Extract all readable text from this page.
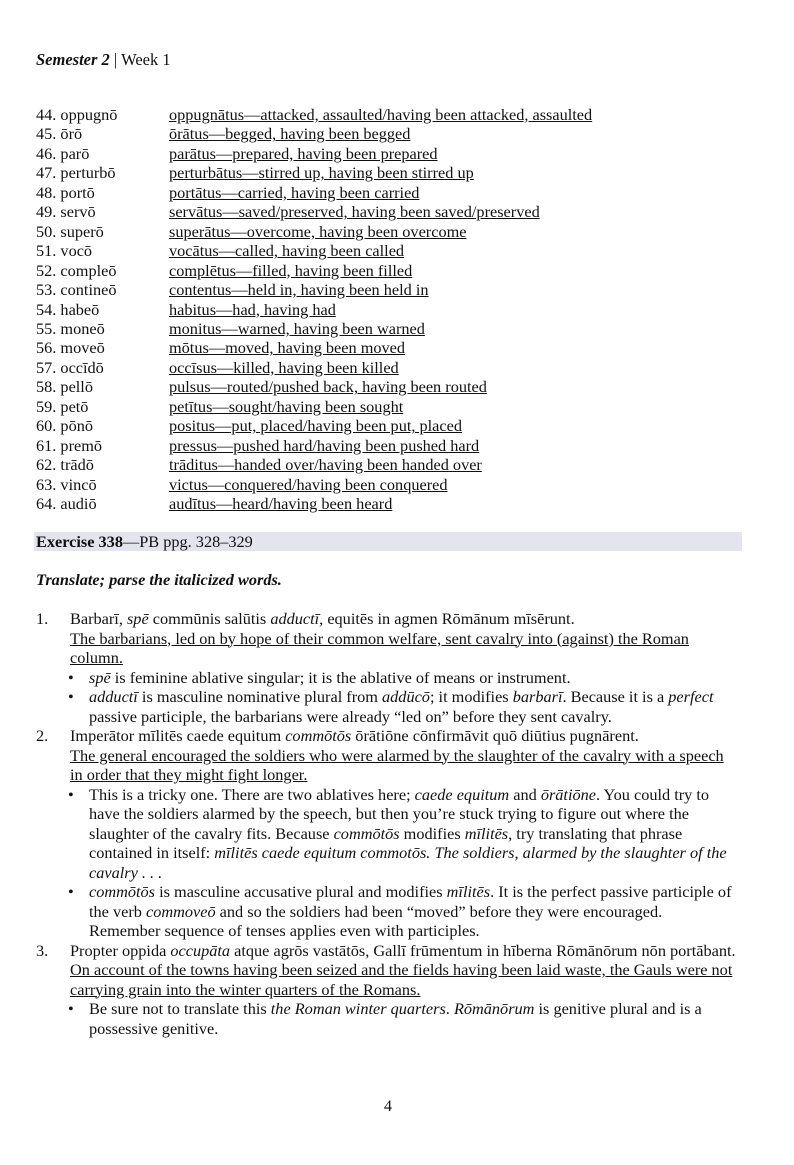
Semester 2 | Week 1
44. oppugnō	oppugnātus—attacked, assaulted/having been attacked, assaulted
45. ōrō	ōrātus—begged, having been begged
46. parō	parātus—prepared, having been prepared
47. perturbō	perturbātus—stirred up, having been stirred up
48. portō	portātus—carried, having been carried
49. servō	servātus—saved/preserved, having been saved/preserved
50. superō	superātus—overcome, having been overcome
51. vocō	vocātus—called, having been called
52. compleō	complētus—filled, having been filled
53. contineō	contentus—held in, having been held in
54. habeō	habitus—had, having had
55. moneō	monitus—warned, having been warned
56. moveō	mōtus—moved, having been moved
57. occīdō	occīsus—killed, having been killed
58. pellō	pulsus—routed/pushed back, having been routed
59. petō	petītus—sought/having been sought
60. pōnō	positus—put, placed/having been put, placed
61. premō	pressus—pushed hard/having been pushed hard
62. trādō	trāditus—handed over/having been handed over
63. vincō	victus—conquered/having been conquered
64. audiō	audītus—heard/having been heard
Exercise 338—PB ppg. 328–329
Translate; parse the italicized words.
1.	Barbarī, spē commūnis salūtis adductī, equitēs in agmen Rōmānum mīsērunt.
The barbarians, led on by hope of their common welfare, sent cavalry into (against) the Roman column.
• spē is feminine ablative singular; it is the ablative of means or instrument.
• adductī is masculine nominative plural from addūcō; it modifies barbarī. Because it is a perfect passive participle, the barbarians were already “led on” before they sent cavalry.
2.	Imperātor mīlitēs caede equitum commōtōs ōrātiōne cōnfirmāvit quō diūtius pugnārent.
The general encouraged the soldiers who were alarmed by the slaughter of the cavalry with a speech in order that they might fight longer.
• This is a tricky one. There are two ablatives here; caede equitum and ōrātiōne. You could try to have the soldiers alarmed by the speech, but then you’re stuck trying to figure out where the slaughter of the cavalry fits. Because commōtōs modifies mīlitēs, try translating that phrase contained in itself: mīlitēs caede equitum commotōs. The soldiers, alarmed by the slaughter of the cavalry . . .
• commōtōs is masculine accusative plural and modifies mīlitēs. It is the perfect passive participle of the verb commoveō and so the soldiers had been “moved” before they were encouraged. Remember sequence of tenses applies even with participles.
3.	Propter oppida occupāta atque agrōs vastātōs, Gallī frūmentum in hīberna Rōmānōrum nōn portābant.
On account of the towns having been seized and the fields having been laid waste, the Gauls were not carrying grain into the winter quarters of the Romans.
• Be sure not to translate this the Roman winter quarters. Rōmānōrum is genitive plural and is a possessive genitive.
4
